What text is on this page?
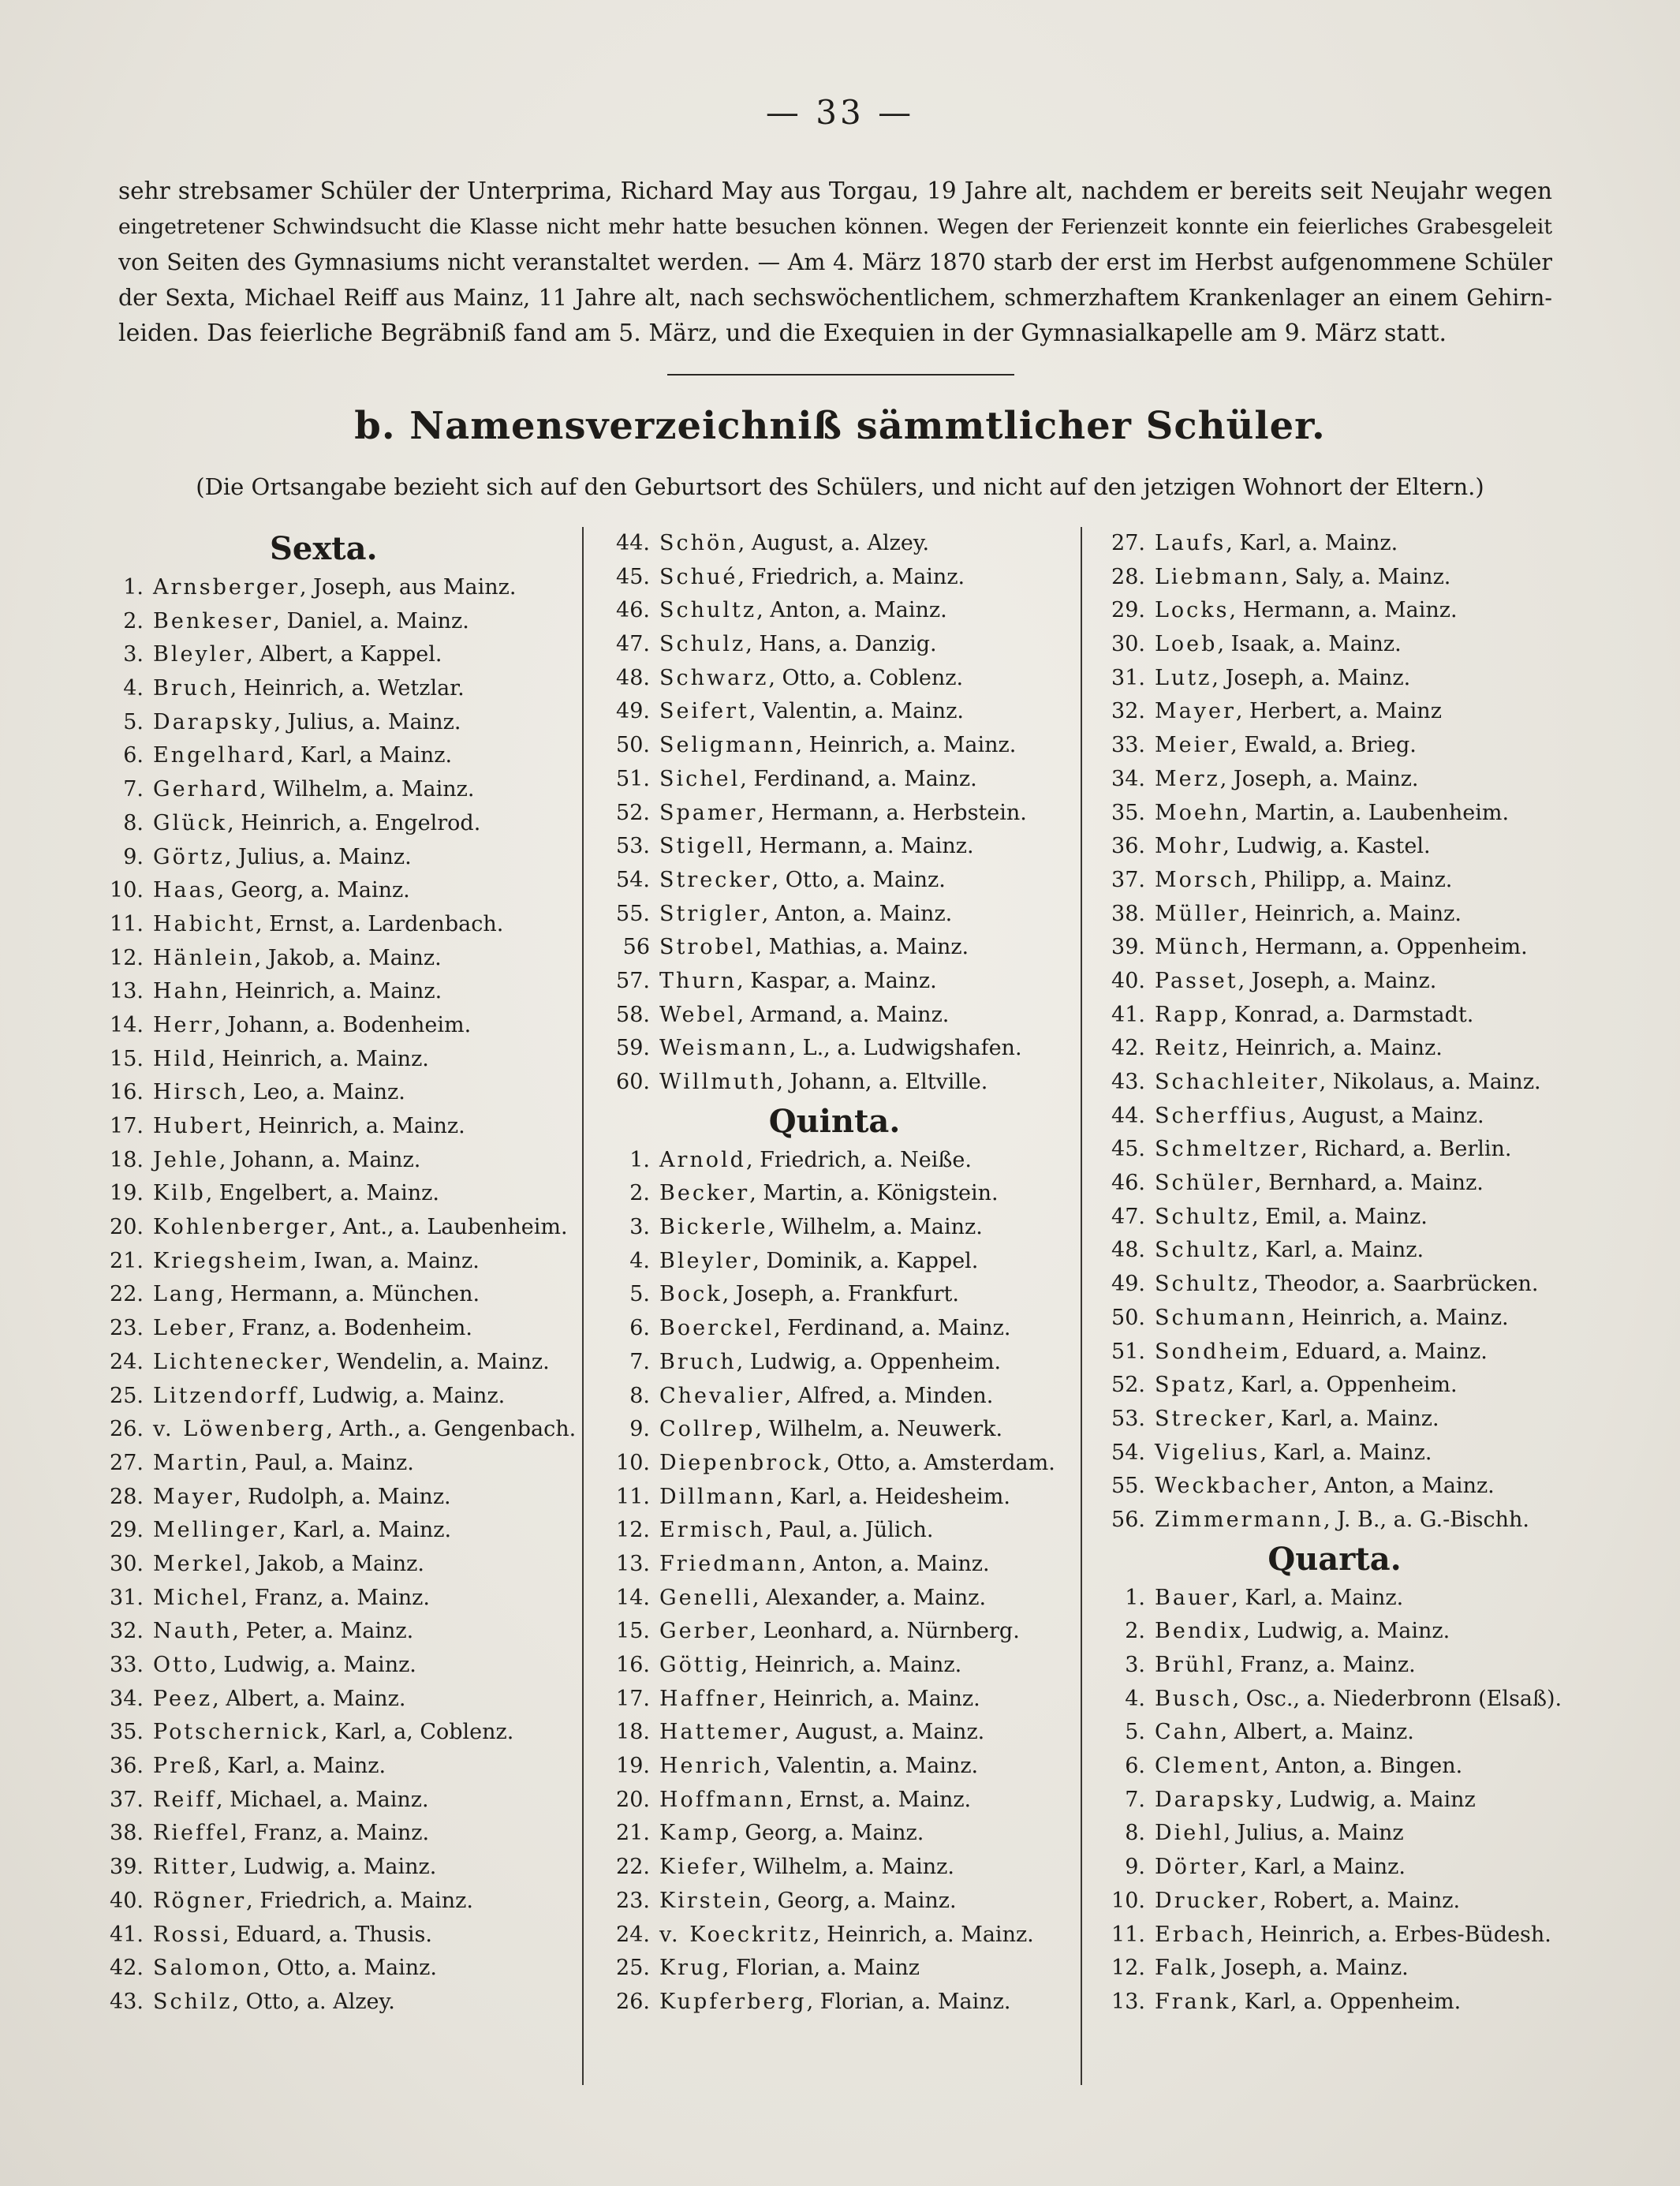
— 33 —
sehr strebsamer Schüler der Unterprima, Richard May aus Torgau, 19 Jahre alt, nachdem er bereits seit Neujahr wegen
eingetretener Schwindsucht die Klasse nicht mehr hatte besuchen können. Wegen der Ferienzeit konnte ein feierliches Grabesgeleit
von Seiten des Gymnasiums nicht veranstaltet werden. — Am 4. März 1870 starb der erst im Herbst aufgenommene Schüler
der Sexta, Michael Reiff aus Mainz, 11 Jahre alt, nach sechswöchentlichem, schmerzhaftem Krankenlager an einem Gehirn-
leiden. Das feierliche Begräbniß fand am 5. März, und die Exequien in der Gymnasialkapelle am 9. März statt.
b. Namensverzeichniß sämmtlicher Schüler.
(Die Ortsangabe bezieht sich auf den Geburtsort des Schülers, und nicht auf den jetzigen Wohnort der Eltern.)
Sexta.
1. Arnsberger, Joseph, aus Mainz.
2. Benkeser, Daniel, a. Mainz.
3. Bleyler, Albert, a Kappel.
4. Bruch, Heinrich, a. Wetzlar.
5. Darapsky, Julius, a. Mainz.
6. Engelhard, Karl, a Mainz.
7. Gerhard, Wilhelm, a. Mainz.
8. Glück, Heinrich, a. Engelrod.
9. Görtz, Julius, a. Mainz.
10. Haas, Georg, a. Mainz.
11. Habicht, Ernst, a. Lardenbach.
12. Hänlein, Jakob, a. Mainz.
13. Hahn, Heinrich, a. Mainz.
14. Herr, Johann, a. Bodenheim.
15. Hild, Heinrich, a. Mainz.
16. Hirsch, Leo, a. Mainz.
17. Hubert, Heinrich, a. Mainz.
18. Jehle, Johann, a. Mainz.
19. Kilb, Engelbert, a. Mainz.
20. Kohlenberger, Ant., a. Laubenheim.
21. Kriegsheim, Iwan, a. Mainz.
22. Lang, Hermann, a. München.
23. Leber, Franz, a. Bodenheim.
24. Lichtenecker, Wendelin, a. Mainz.
25. Litzendorff, Ludwig, a. Mainz.
26. v. Löwenberg, Arth., a. Gengenbach.
27. Martin, Paul, a. Mainz.
28. Mayer, Rudolph, a. Mainz.
29. Mellinger, Karl, a. Mainz.
30. Merkel, Jakob, a Mainz.
31. Michel, Franz, a. Mainz.
32. Nauth, Peter, a. Mainz.
33. Otto, Ludwig, a. Mainz.
34. Peez, Albert, a. Mainz.
35. Potschernick, Karl, a, Coblenz.
36. Preß, Karl, a. Mainz.
37. Reiff, Michael, a. Mainz.
38. Rieffel, Franz, a. Mainz.
39. Ritter, Ludwig, a. Mainz.
40. Rögner, Friedrich, a. Mainz.
41. Rossi, Eduard, a. Thusis.
42. Salomon, Otto, a. Mainz.
43. Schilz, Otto, a. Alzey.
44. Schön, August, a. Alzey.
45. Schué, Friedrich, a. Mainz.
46. Schultz, Anton, a. Mainz.
47. Schulz, Hans, a. Danzig.
48. Schwarz, Otto, a. Coblenz.
49. Seifert, Valentin, a. Mainz.
50. Seligmann, Heinrich, a. Mainz.
51. Sichel, Ferdinand, a. Mainz.
52. Spamer, Hermann, a. Herbstein.
53. Stigell, Hermann, a. Mainz.
54. Strecker, Otto, a. Mainz.
55. Strigler, Anton, a. Mainz.
56 Strobel, Mathias, a. Mainz.
57. Thurn, Kaspar, a. Mainz.
58. Webel, Armand, a. Mainz.
59. Weismann, L., a. Ludwigshafen.
60. Willmuth, Johann, a. Eltville.
Quinta.
1. Arnold, Friedrich, a. Neiße.
2. Becker, Martin, a. Königstein.
3. Bickerle, Wilhelm, a. Mainz.
4. Bleyler, Dominik, a. Kappel.
5. Bock, Joseph, a. Frankfurt.
6. Boerckel, Ferdinand, a. Mainz.
7. Bruch, Ludwig, a. Oppenheim.
8. Chevalier, Alfred, a. Minden.
9. Collrep, Wilhelm, a. Neuwerk.
10. Diepenbrock, Otto, a. Amsterdam.
11. Dillmann, Karl, a. Heidesheim.
12. Ermisch, Paul, a. Jülich.
13. Friedmann, Anton, a. Mainz.
14. Genelli, Alexander, a. Mainz.
15. Gerber, Leonhard, a. Nürnberg.
16. Göttig, Heinrich, a. Mainz.
17. Haffner, Heinrich, a. Mainz.
18. Hattemer, August, a. Mainz.
19. Henrich, Valentin, a. Mainz.
20. Hoffmann, Ernst, a. Mainz.
21. Kamp, Georg, a. Mainz.
22. Kiefer, Wilhelm, a. Mainz.
23. Kirstein, Georg, a. Mainz.
24. v. Koeckritz, Heinrich, a. Mainz.
25. Krug, Florian, a. Mainz
26. Kupferberg, Florian, a. Mainz.
27. Laufs, Karl, a. Mainz.
28. Liebmann, Saly, a. Mainz.
29. Locks, Hermann, a. Mainz.
30. Loeb, Isaak, a. Mainz.
31. Lutz, Joseph, a. Mainz.
32. Mayer, Herbert, a. Mainz
33. Meier, Ewald, a. Brieg.
34. Merz, Joseph, a. Mainz.
35. Moehn, Martin, a. Laubenheim.
36. Mohr, Ludwig, a. Kastel.
37. Morsch, Philipp, a. Mainz.
38. Müller, Heinrich, a. Mainz.
39. Münch, Hermann, a. Oppenheim.
40. Passet, Joseph, a. Mainz.
41. Rapp, Konrad, a. Darmstadt.
42. Reitz, Heinrich, a. Mainz.
43. Schachleiter, Nikolaus, a. Mainz.
44. Scherffius, August, a Mainz.
45. Schmeltzer, Richard, a. Berlin.
46. Schüler, Bernhard, a. Mainz.
47. Schultz, Emil, a. Mainz.
48. Schultz, Karl, a. Mainz.
49. Schultz, Theodor, a. Saarbrücken.
50. Schumann, Heinrich, a. Mainz.
51. Sondheim, Eduard, a. Mainz.
52. Spatz, Karl, a. Oppenheim.
53. Strecker, Karl, a. Mainz.
54. Vigelius, Karl, a. Mainz.
55. Weckbacher, Anton, a Mainz.
56. Zimmermann, J. B., a. G.-Bischh.
Quarta.
1. Bauer, Karl, a. Mainz.
2. Bendix, Ludwig, a. Mainz.
3. Brühl, Franz, a. Mainz.
4. Busch, Osc., a. Niederbronn (Elsaß).
5. Cahn, Albert, a. Mainz.
6. Clement, Anton, a. Bingen.
7. Darapsky, Ludwig, a. Mainz
8. Diehl, Julius, a. Mainz
9. Dörter, Karl, a Mainz.
10. Drucker, Robert, a. Mainz.
11. Erbach, Heinrich, a. Erbes-Büdesh.
12. Falk, Joseph, a. Mainz.
13. Frank, Karl, a. Oppenheim.
